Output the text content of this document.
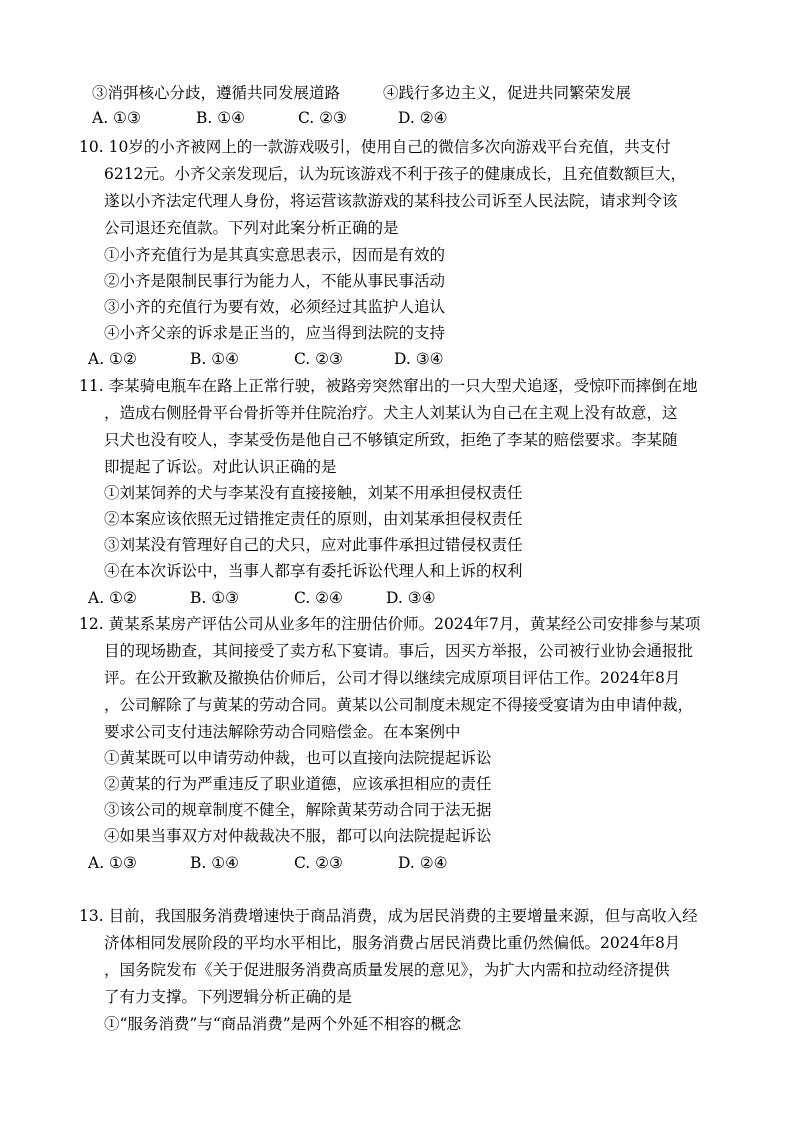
③消弭核心分歧，遵循共同发展道路	④践行多边主义，促进共同繁荣发展
A. ①③	B. ①④	C. ②③	D. ②④
10. 10岁的小齐被网上的一款游戏吸引，使用自己的微信多次向游戏平台充值，共支付
6212元。小齐父亲发现后，认为玩该游戏不利于孩子的健康成长，且充值数额巨大，
遂以小齐法定代理人身份，将运营该款游戏的某科技公司诉至人民法院，请求判令该
公司退还充值款。下列对此案分析正确的是
①小齐充值行为是其真实意思表示，因而是有效的
②小齐是限制民事行为能力人，不能从事民事活动
③小齐的充值行为要有效，必须经过其监护人追认
④小齐父亲的诉求是正当的，应当得到法院的支持
A. ①②	B. ①④	C. ②③	D. ③④
11. 李某骑电瓶车在路上正常行驶，被路旁突然窜出的一只大型犬追逐，受惊吓而摔倒在地
，造成右侧胫骨平台骨折等并住院治疗。犬主人刘某认为自己在主观上没有故意，这
只犬也没有咬人，李某受伤是他自己不够镇定所致，拒绝了李某的赔偿要求。李某随
即提起了诉讼。对此认识正确的是
①刘某饲养的犬与李某没有直接接触，刘某不用承担侵权责任
②本案应该依照无过错推定责任的原则，由刘某承担侵权责任
③刘某没有管理好自己的犬只，应对此事件承担过错侵权责任
④在本次诉讼中，当事人都享有委托诉讼代理人和上诉的权利
A. ①②	B. ①③	C. ②④	D. ③④
12. 黄某系某房产评估公司从业多年的注册估价师。2024年7月，黄某经公司安排参与某项
目的现场勘查，其间接受了卖方私下宴请。事后，因买方举报，公司被行业协会通报批
评。在公开致歉及撤换估价师后，公司才得以继续完成原项目评估工作。2024年8月
，公司解除了与黄某的劳动合同。黄某以公司制度未规定不得接受宴请为由申请仲裁，
要求公司支付违法解除劳动合同赔偿金。在本案例中
①黄某既可以申请劳动仲裁，也可以直接向法院提起诉讼
②黄某的行为严重违反了职业道德，应该承担相应的责任
③该公司的规章制度不健全，解除黄某劳动合同于法无据
④如果当事双方对仲裁裁决不服，都可以向法院提起诉讼
A. ①③	B. ①④	C. ②③	D. ②④
13. 目前，我国服务消费增速快于商品消费，成为居民消费的主要增量来源，但与高收入经
济体相同发展阶段的平均水平相比，服务消费占居民消费比重仍然偏低。2024年8月
，国务院发布《关于促进服务消费高质量发展的意见》，为扩大内需和拉动经济提供
了有力支撑。下列逻辑分析正确的是
①“服务消费”与“商品消费”是两个外延不相容的概念
